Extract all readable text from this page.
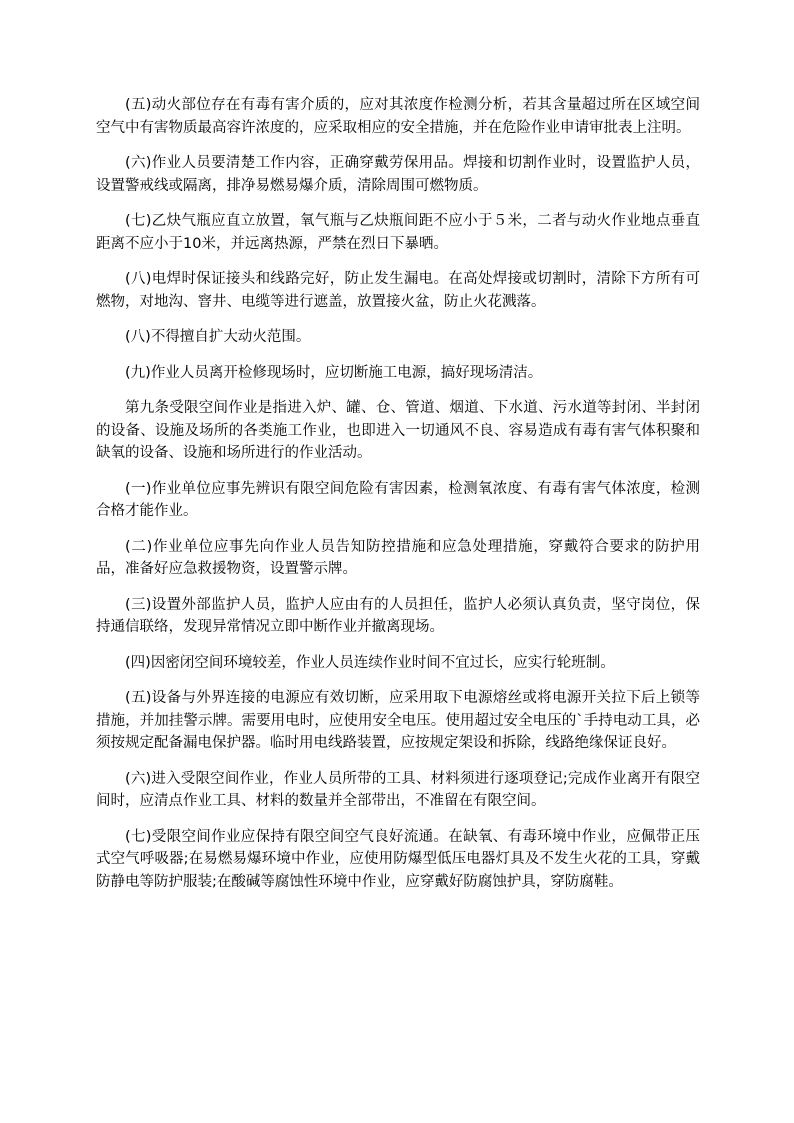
(五)动火部位存在有毒有害介质的，应对其浓度作检测分析，若其含量超过所在区域空间空气中有害物质最高容许浓度的，应采取相应的安全措施，并在危险作业申请审批表上注明。

(六)作业人员要清楚工作内容，正确穿戴劳保用品。焊接和切割作业时，设置监护人员，设置警戒线或隔离，排净易燃易爆介质，清除周围可燃物质。

(七)乙炔气瓶应直立放置，氧气瓶与乙炔瓶间距不应小于５米，二者与动火作业地点垂直距离不应小于10米，并远离热源，严禁在烈日下暴晒。

(八)电焊时保证接头和线路完好，防止发生漏电。在高处焊接或切割时，清除下方所有可燃物，对地沟、窨井、电缆等进行遮盖，放置接火盆，防止火花溅落。

(八)不得擅自扩大动火范围。

(九)作业人员离开检修现场时，应切断施工电源，搞好现场清洁。

第九条受限空间作业是指进入炉、罐、仓、管道、烟道、下水道、污水道等封闭、半封闭的设备、设施及场所的各类施工作业，也即进入一切通风不良、容易造成有毒有害气体积聚和缺氧的设备、设施和场所进行的作业活动。

(一)作业单位应事先辨识有限空间危险有害因素，检测氧浓度、有毒有害气体浓度，检测合格才能作业。

(二)作业单位应事先向作业人员告知防控措施和应急处理措施，穿戴符合要求的防护用品，准备好应急救援物资，设置警示牌。

(三)设置外部监护人员，监护人应由有的人员担任，监护人必须认真负责，坚守岗位，保持通信联络，发现异常情况立即中断作业并撤离现场。

(四)因密闭空间环境较差，作业人员连续作业时间不宜过长，应实行轮班制。

(五)设备与外界连接的电源应有效切断，应采用取下电源熔丝或将电源开关拉下后上锁等措施，并加挂警示牌。需要用电时，应使用安全电压。使用超过安全电压的`手持电动工具，必须按规定配备漏电保护器。临时用电线路装置，应按规定架设和拆除，线路绝缘保证良好。

(六)进入受限空间作业，作业人员所带的工具、材料须进行逐项登记;完成作业离开有限空间时，应清点作业工具、材料的数量并全部带出，不准留在有限空间。

(七)受限空间作业应保持有限空间空气良好流通。在缺氧、有毒环境中作业，应佩带正压式空气呼吸器;在易燃易爆环境中作业，应使用防爆型低压电器灯具及不发生火花的工具，穿戴防静电等防护服装;在酸碱等腐蚀性环境中作业，应穿戴好防腐蚀护具，穿防腐鞋。
